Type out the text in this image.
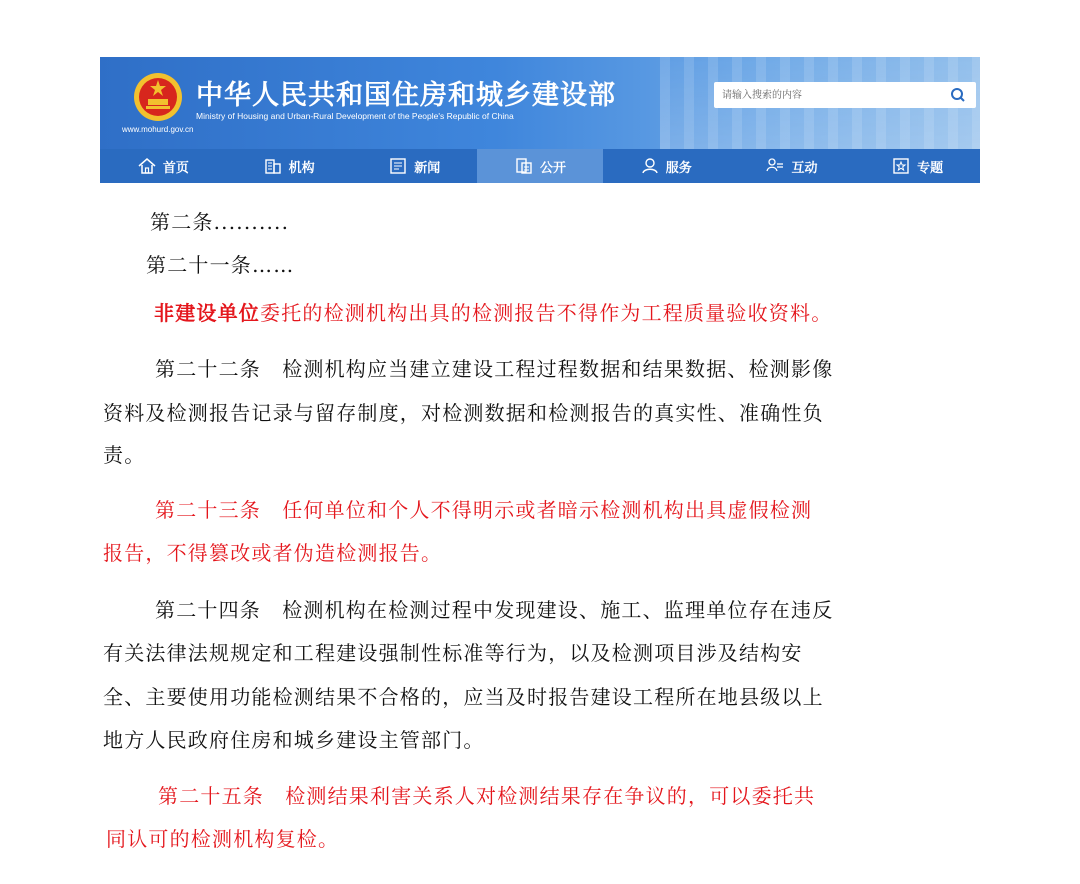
www.mohurd.gov.cn
中华人民共和国住房和城乡建设部
Ministry of Housing and Urban-Rural Development of the People's Republic of China
请输入搜索的内容
首页	机构	新闻	公开	服务	互动	专题
第二条..........
第二十一条……
非建设单位委托的检测机构出具的检测报告不得作为工程质量验收资料。
第二十二条　检测机构应当建立建设工程过程数据和结果数据、检测影像
资料及检测报告记录与留存制度，对检测数据和检测报告的真实性、准确性负
责。
第二十三条　任何单位和个人不得明示或者暗示检测机构出具虚假检测
报告，不得篡改或者伪造检测报告。
第二十四条　检测机构在检测过程中发现建设、施工、监理单位存在违反
有关法律法规规定和工程建设强制性标准等行为，以及检测项目涉及结构安
全、主要使用功能检测结果不合格的，应当及时报告建设工程所在地县级以上
地方人民政府住房和城乡建设主管部门。
第二十五条　检测结果利害关系人对检测结果存在争议的，可以委托共
同认可的检测机构复检。
